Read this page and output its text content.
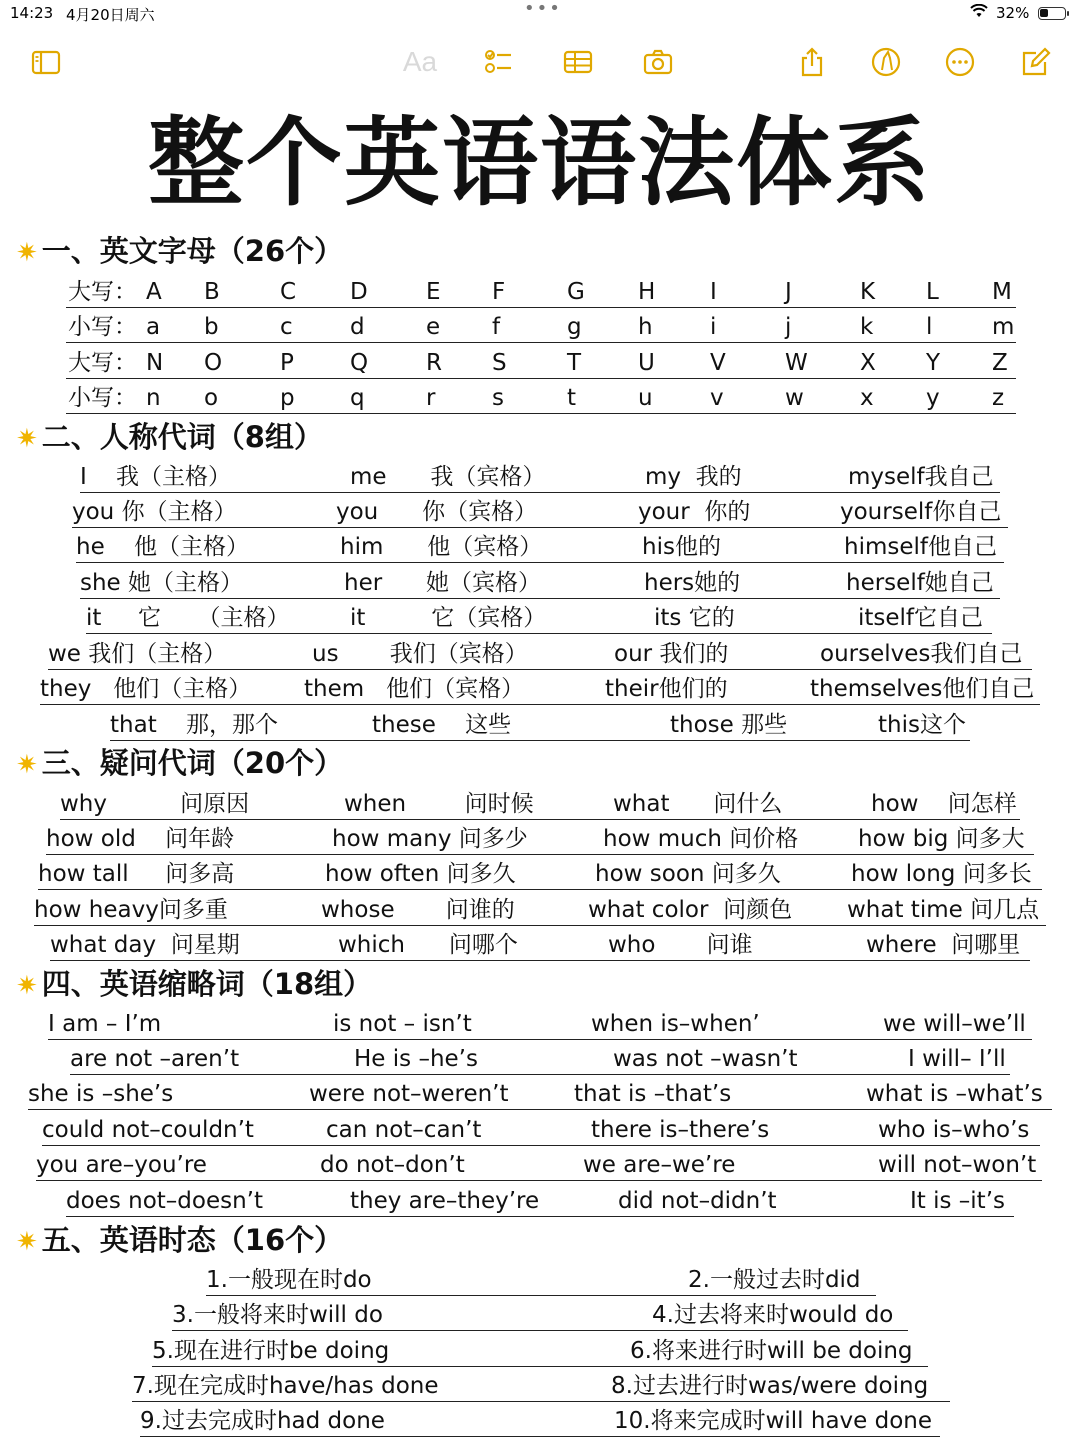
14:23 4月20日周六	•••	32%
Aa
整个英语语法体系
✷ 一、英文字母（26个）
大写： A B	C D	E F	G H I	J	K L M
小写： a b	c d	e f	g h i	j	k l	m
大写： N O	P Q	R S	T U V	W X Y Z
小写： n o	p q	r s	t	u v	w x y z
✷ 二、人称代词（8组）
I    我（主格）	me      我（宾格）	my  我的	myself我自己
you 你（主格）	you      你（宾格）	your  你的	yourself你自己
he    他（主格）	him      他（宾格）	his他的	himself他自己
she 她（主格）	her      她（宾格）	hers她的	herself她自己
it     它     （主格）	it         它（宾格）	its 它的	itself它自己
we 我们（主格）	us       我们（宾格）	our 我们的	ourselves我们自己
they   他们（主格） them   他们（宾格）	their他们的	themselves他们自己
that    那，那个	these    这些	those 那些	this这个
✷ 三、疑问代词（20个）
why          问原因	when        问时候	what      问什么	how    问怎样
how old    问年龄	how many 问多少	how much 问价格	how big 问多大
how tall     问多高	how often 问多久	how soon 问多久	how long 问多长
how heavy问多重	whose       问谁的	what color  问颜色 what time 问几点
what day  问星期	which      问哪个	who       问谁	where  问哪里
✷ 四、英语缩略词（18组）
I am – I’m	is not – isn’t	when is–when’	we will–we’ll
are not –aren’t	He is –he’s	was not –wasn’t	I will– I’ll
she is –she’s	were not–weren’t	that is –that’s	what is –what’s
could not–couldn’t	can not–can’t	there is–there’s	who is–who’s
you are–you’re	do not–don’t	we are–we’re	will not–won’t
does not–doesn’t	they are–they’re	did not–didn’t	It is –it’s
✷ 五、英语时态（16个）
1.一般现在时do	2.一般过去时did
3.一般将来时will do	4.过去将来时would do
5.现在进行时be doing	6.将来进行时will be doing
7.现在完成时have/has done	8.过去进行时was/were doing
9.过去完成时had done	10.将来完成时will have done
